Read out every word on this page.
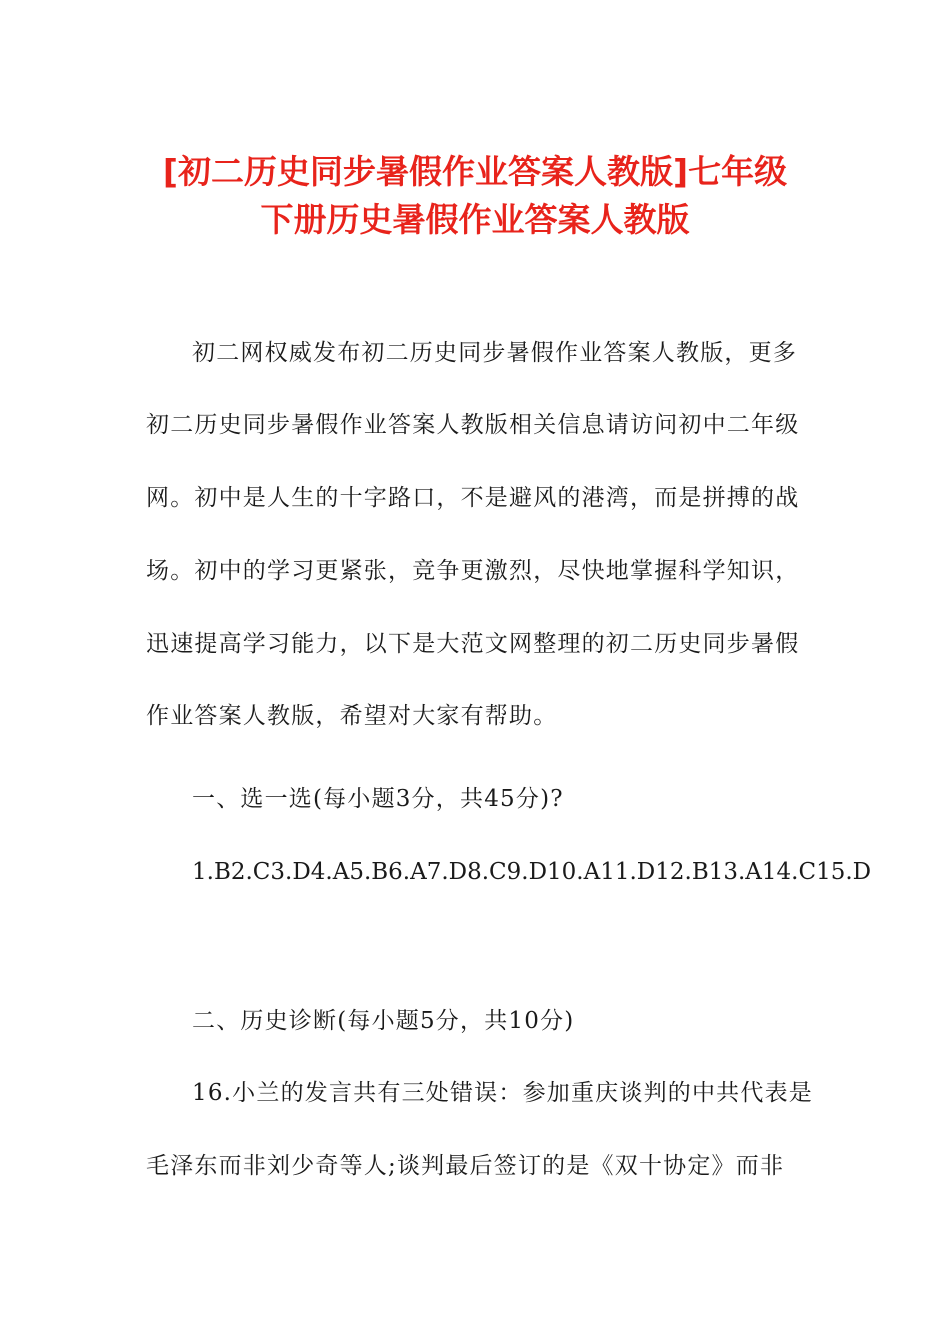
[初二历史同步暑假作业答案人教版]七年级
下册历史暑假作业答案人教版
初二网权威发布初二历史同步暑假作业答案人教版，更多
初二历史同步暑假作业答案人教版相关信息请访问初中二年级
网。初中是人生的十字路口，不是避风的港湾，而是拼搏的战
场。初中的学习更紧张，竞争更激烈，尽快地掌握科学知识，
迅速提高学习能力，以下是大范文网整理的初二历史同步暑假
作业答案人教版，希望对大家有帮助。
一、选一选(每小题3分，共45分)?
1.B2.C3.D4.A5.B6.A7.D8.C9.D10.A11.D12.B13.A14.C15.D
二、历史诊断(每小题5分，共10分)
16.小兰的发言共有三处错误：参加重庆谈判的中共代表是
毛泽东而非刘少奇等人;谈判最后签订的是《双十协定》而非
